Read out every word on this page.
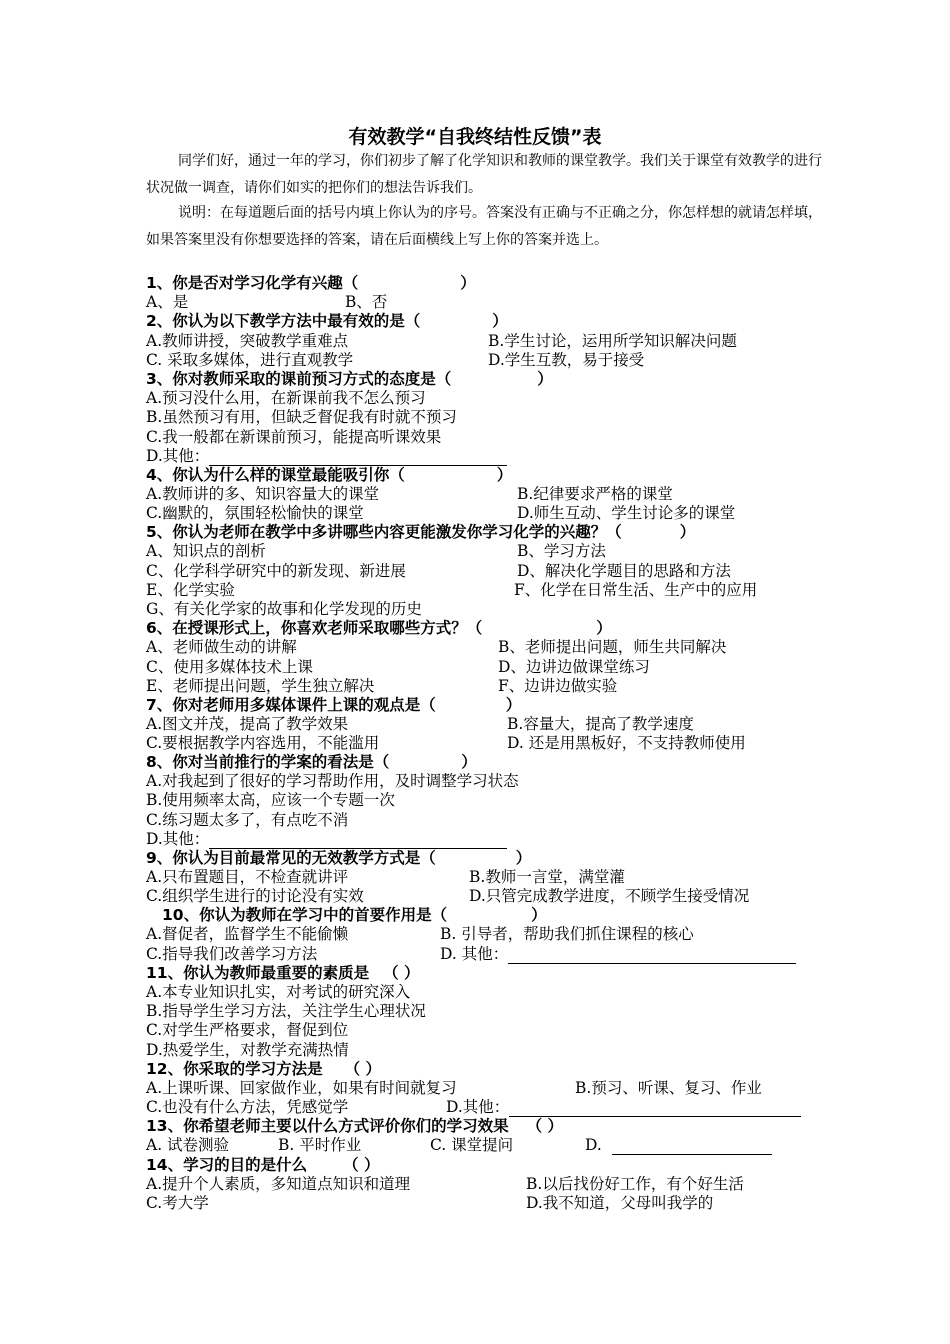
有效教学“自我终结性反馈”表

同学们好，通过一年的学习，你们初步了解了化学知识和教师的课堂教学。我们关于课堂有效教学的进行状况做一调查，请你们如实的把你们的想法告诉我们。

说明：在每道题后面的括号内填上你认为的序号。答案没有正确与不正确之分，你怎样想的就请怎样填，如果答案里没有你想要选择的答案，请在后面横线上写上你的答案并选上。

1、你是否对学习化学有兴趣（	）
A、是	B、否
2、你认为以下教学方法中最有效的是（	）
A.教师讲授，突破教学重难点	B.学生讨论，运用所学知识解决问题
C. 采取多媒体，进行直观教学	D.学生互教，易于接受
3、你对教师采取的课前预习方式的态度是（	）
A.预习没什么用，在新课前我不怎么预习
B.虽然预习有用，但缺乏督促我有时就不预习
C.我一般都在新课前预习，能提高听课效果
D.其他：
4、你认为什么样的课堂最能吸引你（	）
A.教师讲的多、知识容量大的课堂	B.纪律要求严格的课堂
C.幽默的，氛围轻松愉快的课堂	D.师生互动、学生讨论多的课堂
5、你认为老师在教学中多讲哪些内容更能激发你学习化学的兴趣？（	）
A、知识点的剖析	B、学习方法
C、化学科学研究中的新发现、新进展	D、解决化学题目的思路和方法
E、化学实验	F、化学在日常生活、生产中的应用
G、有关化学家的故事和化学发现的历史
6、在授课形式上，你喜欢老师采取哪些方式？（	）
A、老师做生动的讲解	B、老师提出问题，师生共同解决
C、使用多媒体技术上课	D、边讲边做课堂练习
E、老师提出问题，学生独立解决	F、边讲边做实验
7、你对老师用多媒体课件上课的观点是（	）
A.图文并茂，提高了教学效果	B.容量大，提高了教学速度
C.要根据教学内容选用，不能滥用	D. 还是用黑板好，不支持教师使用
8、你对当前推行的学案的看法是（	）
A.对我起到了很好的学习帮助作用，及时调整学习状态
B.使用频率太高，应该一个专题一次
C.练习题太多了，有点吃不消
D.其他：
9、你认为目前最常见的无效教学方式是（	）
A.只布置题目，不检查就讲评	B.教师一言堂，满堂灌
C.组织学生进行的讨论没有实效	D.只管完成教学进度，不顾学生接受情况
10、你认为教师在学习中的首要作用是（	）
A.督促者，监督学生不能偷懒	B. 引导者，帮助我们抓住课程的核心
C.指导我们改善学习方法	D. 其他：
11、你认为教师最重要的素质是 （ ）
A.本专业知识扎实，对考试的研究深入
B.指导学生学习方法，关注学生心理状况
C.对学生严格要求，督促到位
D.热爱学生，对教学充满热情
12、你采取的学习方法是 （ ）
A.上课听课、回家做作业，如果有时间就复习	B.预习、听课、复习、作业
C.也没有什么方法，凭感觉学	D.其他：
13、你希望老师主要以什么方式评价你们的学习效果 （ ）
A. 试卷测验	B. 平时作业	C. 课堂提问	D.
14、学习的目的是什么 （ ）
A.提升个人素质，多知道点知识和道理	B.以后找份好工作，有个好生活
C.考大学	D.我不知道，父母叫我学的
